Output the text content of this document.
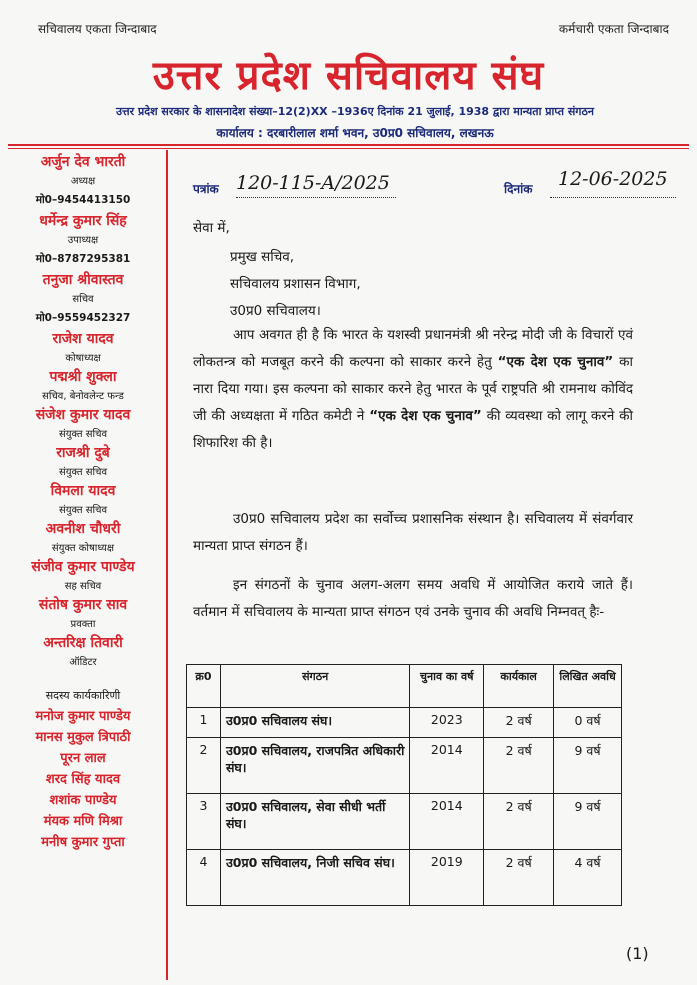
सचिवालय एकता जिन्दाबाद	कर्मचारी एकता जिन्दाबाद
उत्तर प्रदेश सचिवालय संघ
उत्तर प्रदेश सरकार के शासनादेश संख्या–12(2)XX –1936ए दिनांक 21 जुलाई, 1938 द्वारा मान्यता प्राप्त संगठन
कार्यालय : दरबारीलाल शर्मा भवन, उ0प्र0 सचिवालय, लखनऊ
अर्जुन देव भारती
अध्यक्ष
मो0–9454413150
धर्मेन्द्र कुमार सिंह
उपाध्यक्ष
मो0–8787295381
तनुजा श्रीवास्तव
सचिव
मो0–9559452327
राजेश यादव
कोषाध्यक्ष
पद्मश्री शुक्ला
सचिव, बेनोवलेन्ट फन्ड
संजेश कुमार यादव
संयुक्त सचिव
राजश्री दुबे
संयुक्त सचिव
विमला यादव
संयुक्त सचिव
अवनीश चौधरी
संयुक्त कोषाध्यक्ष
संजीव कुमार पाण्डेय
सह सचिव
संतोष कुमार साव
प्रवक्ता
अन्तरिक्ष तिवारी
ऑडिटर
सदस्य कार्यकारिणी
मनोज कुमार पाण्डेय
मानस मुकुल त्रिपाठी
पूरन लाल
शरद सिंह यादव
शशांक पाण्डेय
मंयक मणि मिश्रा
मनीष कुमार गुप्ता
पत्रांक 120-115-A/2025	दिनांक 12-06-2025
सेवा में,
प्रमुख सचिव,
सचिवालय प्रशासन विभाग,
उ0प्र0 सचिवालय।
आप अवगत ही है कि भारत के यशस्वी प्रधानमंत्री श्री नरेन्द्र मोदी जी के विचारों एवं लोकतन्त्र को मजबूत करने की कल्पना को साकार करने हेतु “एक देश एक चुनाव” का नारा दिया गया। इस कल्पना को साकार करने हेतु भारत के पूर्व राष्ट्रपति श्री रामनाथ कोविंद जी की अध्यक्षता में गठित कमेटी ने “एक देश एक चुनाव” की व्यवस्था को लागू करने की शिफारिश की है।
उ0प्र0 सचिवालय प्रदेश का सर्वोच्च प्रशासनिक संस्थान है। सचिवालय में संवर्गवार मान्यता प्राप्त संगठन हैं।
इन संगठनों के चुनाव अलग-अलग समय अवधि में आयोजित कराये जाते हैं। वर्तमान में सचिवालय के मान्यता प्राप्त संगठन एवं उनके चुनाव की अवधि निम्नवत् हैः-
क्र0	संगठन	चुनाव का वर्ष	कार्यकाल	लिखित अवधि
1	उ0प्र0 सचिवालय संघ।	2023	2 वर्ष	0 वर्ष
2	उ0प्र0 सचिवालय, राजपत्रित अधिकारी संघ।	2014	2 वर्ष	9 वर्ष
3	उ0प्र0 सचिवालय, सेवा सीधी भर्ती संघ।	2014	2 वर्ष	9 वर्ष
4	उ0प्र0 सचिवालय, निजी सचिव संघ।	2019	2 वर्ष	4 वर्ष
(1)
